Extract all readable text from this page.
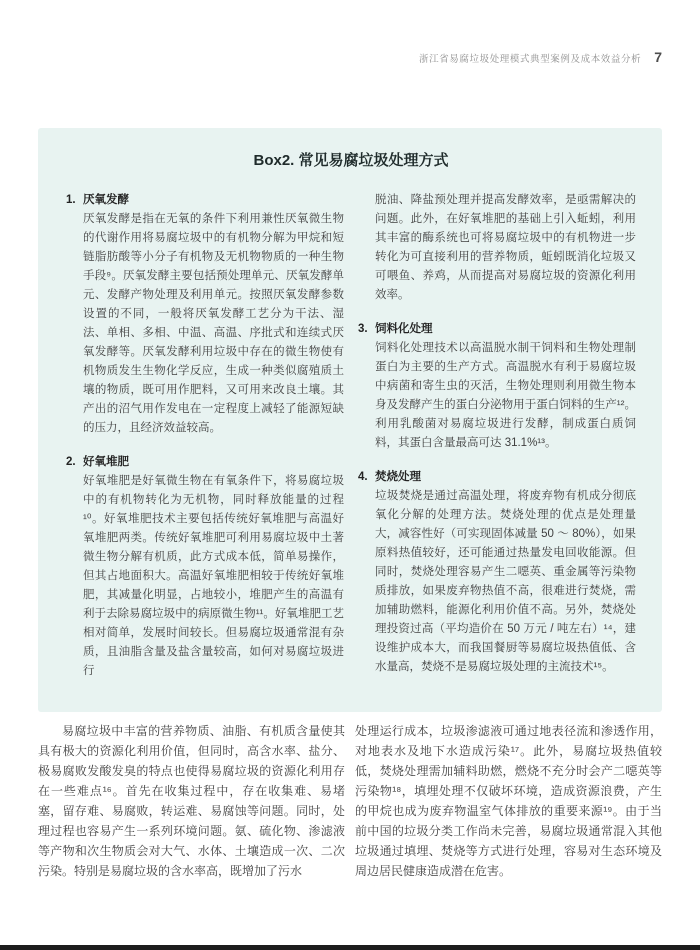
浙江省易腐垃圾处理模式典型案例及成本效益分析 7
Box2. 常见易腐垃圾处理方式
1. 厌氧发酵

厌氧发酵是指在无氧的条件下利用兼性厌氧微生物的代谢作用将易腐垃圾中的有机物分解为甲烷和短链脂肪酸等小分子有机物及无机物物质的一种生物手段⁹。厌氧发酵主要包括预处理单元、厌氧发酵单元、发酵产物处理及利用单元。按照厌氧发酵参数设置的不同，一般将厌氧发酵工艺分为干法、湿法、单相、多相、中温、高温、序批式和连续式厌氧发酵等。厌氧发酵利用垃圾中存在的微生物使有机物质发生生物化学反应，生成一种类似腐殖质土壤的物质，既可用作肥料，又可用来改良土壤。其产出的沼气用作发电在一定程度上减轻了能源短缺的压力，且经济效益较高。

2. 好氧堆肥

好氧堆肥是好氧微生物在有氧条件下，将易腐垃圾中的有机物转化为无机物，同时释放能量的过程¹⁰。好氧堆肥技术主要包括传统好氧堆肥与高温好氧堆肥两类。传统好氧堆肥可利用易腐垃圾中土著微生物分解有机质，此方式成本低，简单易操作，但其占地面积大。高温好氧堆肥相较于传统好氧堆肥，其减量化明显，占地较小，堆肥产生的高温有利于去除易腐垃圾中的病原微生物¹¹。好氧堆肥工艺相对简单，发展时间较长。但易腐垃圾通常混有杂质，且油脂含量及盐含量较高，如何对易腐垃圾进行

脱油、降盐预处理并提高发酵效率，是亟需解决的问题。此外，在好氧堆肥的基础上引入蚯蚓，利用其丰富的酶系统也可将易腐垃圾中的有机物进一步转化为可直接利用的营养物质，蚯蚓既消化垃圾又可喂鱼、养鸡，从而提高对易腐垃圾的资源化利用效率。

3. 饲料化处理

饲料化处理技术以高温脱水制干饲料和生物处理制蛋白为主要的生产方式。高温脱水有利于易腐垃圾中病菌和寄生虫的灭活，生物处理则利用微生物本身及发酵产生的蛋白分泌物用于蛋白饲料的生产¹²。利用乳酸菌对易腐垃圾进行发酵，制成蛋白质饲料，其蛋白含量最高可达 31.1%¹³。

4. 焚烧处理

垃圾焚烧是通过高温处理，将废弃物有机成分彻底氧化分解的处理方法。焚烧处理的优点是处理量大，减容性好（可实现固体减量 50 ～ 80%），如果原料热值较好，还可能通过热量发电回收能源。但同时，焚烧处理容易产生二噁英、重金属等污染物质排放，如果废弃物热值不高，很难进行焚烧，需加辅助燃料，能源化利用价值不高。另外，焚烧处理投资过高（平均造价在 50 万元 / 吨左右）¹⁴，建设维护成本大，而我国餐厨等易腐垃圾热值低、含水量高，焚烧不是易腐垃圾处理的主流技术¹⁵。

易腐垃圾中丰富的营养物质、油脂、有机质含量使其具有极大的资源化利用价值，但同时，高含水率、盐分、极易腐败发酸发臭的特点也使得易腐垃圾的资源化利用存在一些难点¹⁶。首先在收集过程中，存在收集难、易堵塞，留存难、易腐败，转运难、易腐蚀等问题。同时，处理过程也容易产生一系列环境问题。氨、硫化物、渗滤液等产物和次生物质会对大气、水体、土壤造成一次、二次污染。特别是易腐垃圾的含水率高，既增加了污水

处理运行成本，垃圾渗滤液可通过地表径流和渗透作用，对地表水及地下水造成污染¹⁷。此外，易腐垃圾热值较低，焚烧处理需加辅料助燃，燃烧不充分时会产二噁英等污染物¹⁸，填埋处理不仅破坏环境，造成资源浪费，产生的甲烷也成为废弃物温室气体排放的重要来源¹⁹。由于当前中国的垃圾分类工作尚未完善，易腐垃圾通常混入其他垃圾通过填埋、焚烧等方式进行处理，容易对生态环境及周边居民健康造成潜在危害。
